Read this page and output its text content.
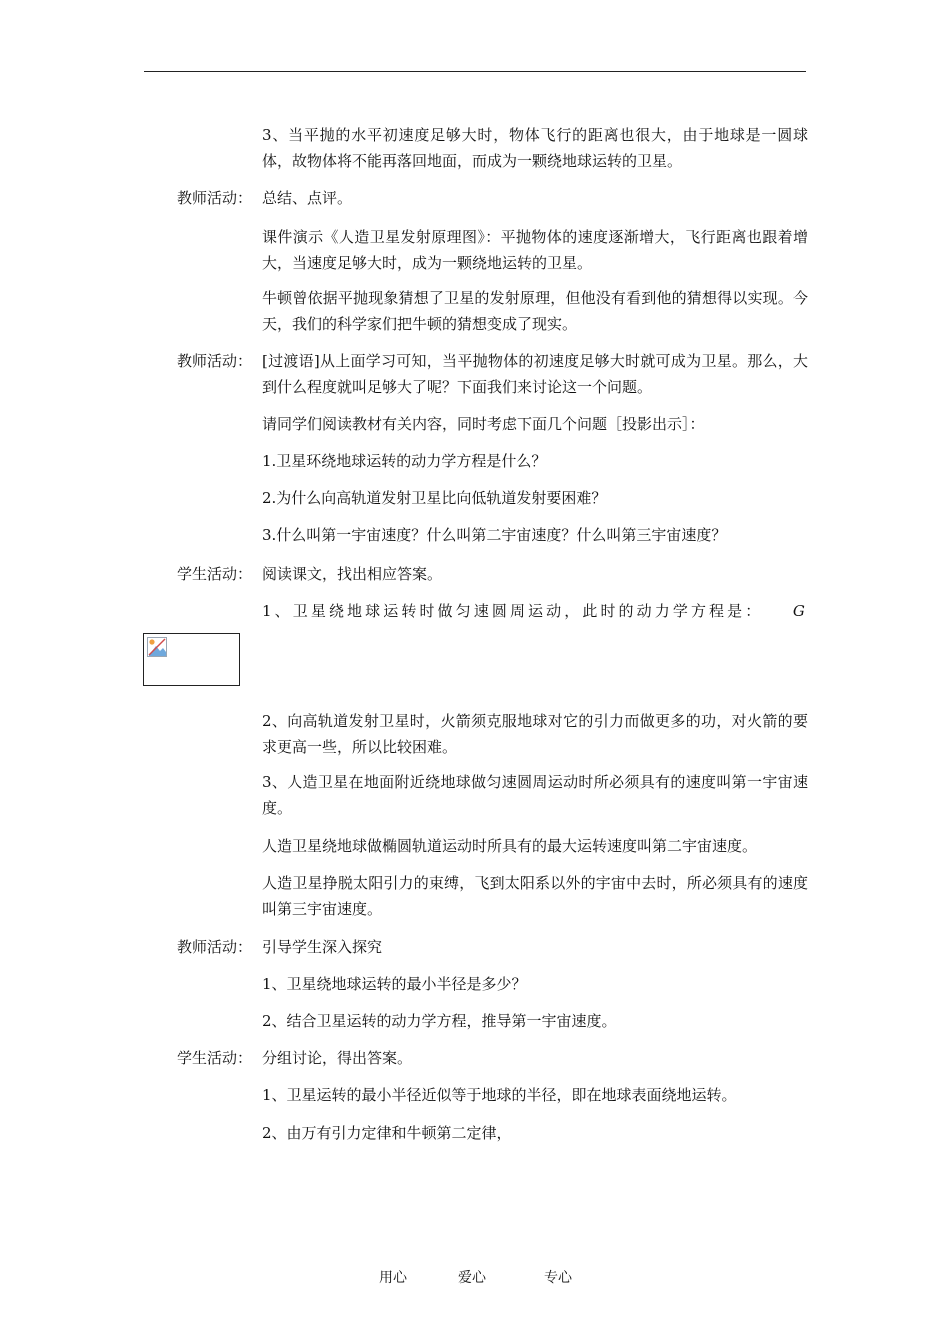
3、当平抛的水平初速度足够大时，物体飞行的距离也很大，由于地球是一圆球体，故物体将不能再落回地面，而成为一颗绕地球运转的卫星。

教师活动： 总结、点评。

课件演示《人造卫星发射原理图》：平抛物体的速度逐渐增大，飞行距离也跟着增大，当速度足够大时，成为一颗绕地运转的卫星。

牛顿曾依据平抛现象猜想了卫星的发射原理，但他没有看到他的猜想得以实现。今天，我们的科学家们把牛顿的猜想变成了现实。

教师活动： [过渡语]从上面学习可知，当平抛物体的初速度足够大时就可成为卫星。那么，大到什么程度就叫足够大了呢？下面我们来讨论这一个问题。

请同学们阅读教材有关内容，同时考虑下面几个问题［投影出示］：

1.卫星环绕地球运转的动力学方程是什么？

2.为什么向高轨道发射卫星比向低轨道发射要困难？

3.什么叫第一宇宙速度？什么叫第二宇宙速度？什么叫第三宇宙速度？

学生活动： 阅读课文，找出相应答案。

1、卫星绕地球运转时做匀速圆周运动，此时的动力学方程是： G

2、向高轨道发射卫星时，火箭须克服地球对它的引力而做更多的功，对火箭的要求更高一些，所以比较困难。

3、人造卫星在地面附近绕地球做匀速圆周运动时所必须具有的速度叫第一宇宙速度。

人造卫星绕地球做椭圆轨道运动时所具有的最大运转速度叫第二宇宙速度。

人造卫星挣脱太阳引力的束缚，飞到太阳系以外的宇宙中去时，所必须具有的速度叫第三宇宙速度。

教师活动： 引导学生深入探究

1、卫星绕地球运转的最小半径是多少？

2、结合卫星运转的动力学方程，推导第一宇宙速度。

学生活动： 分组讨论，得出答案。

1、卫星运转的最小半径近似等于地球的半径，即在地球表面绕地运转。

2、由万有引力定律和牛顿第二定律，

用心	爱心	专心
